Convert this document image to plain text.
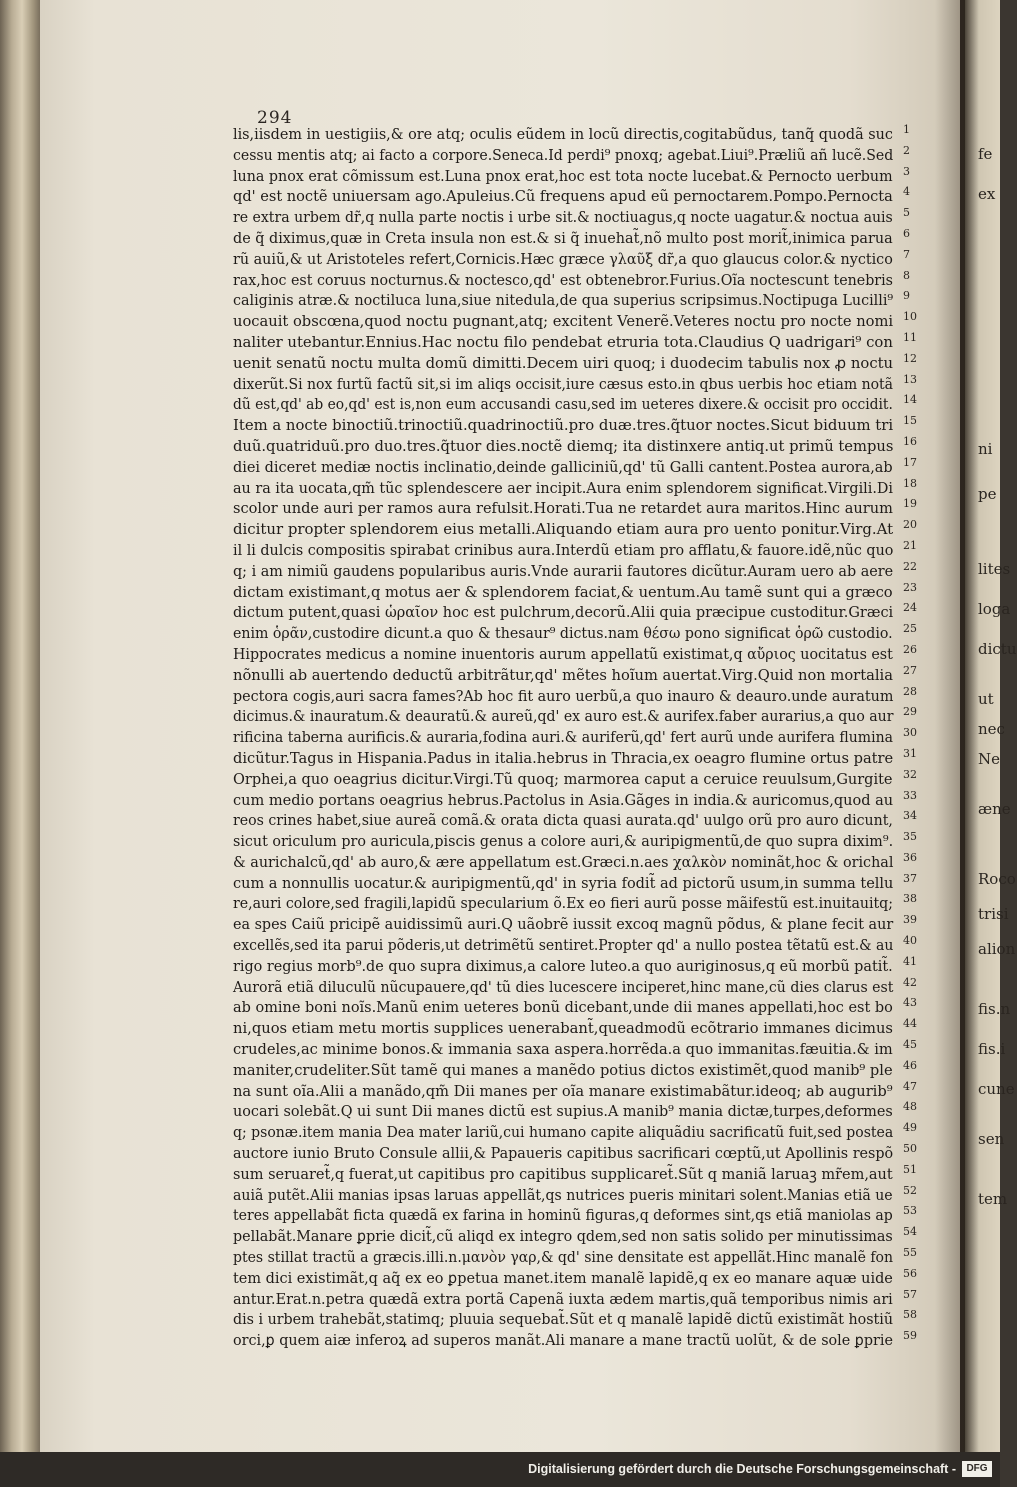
fe
ex
ni
pe
lites
loga
dictu
ut
nec
Ne
æne
Roco
trisi
alion
fis.n
fis.i
cune
sen
tem
294
lis,iisdem in uestigiis,& ore atq; oculis eũdem in locũ directis,cogitabũdus, tanq̃ quodã suc 1
cessu mentis atq; ai facto a corpore.Seneca.Id perdi⁹ pnoxq; agebat.Liui⁹.Præliũ añ lucẽ.Sed 2
luna pnox erat cõmissum est.Luna pnox erat,hoc est tota nocte lucebat.& Pernocto uerbum 3
qd' est noctẽ uniuersam ago.Apuleius.Cũ frequens apud eũ pernoctarem.Pompo.Pernocta 4
re extra urbem dr̃,q nulla parte noctis i urbe sit.& noctiuagus,q nocte uagatur.& noctua auis 5
de q̃ diximus,quæ in Creta insula non est.& si q̃ inuehat̃,nõ multo post morit̃,inimica parua 6
rũ auiũ,& ut Aristoteles refert,Cornicis.Hæc græce γλαῦξ dr̃,a quo glaucus color.& nycticο 7
rax,hoc est coruus nocturnus.& noctesco,qd' est obtenebror.Furius.Oĩa noctescunt tenebris 8
caliginis atræ.& noctiluca luna,siue nitedula,de qua superius scripsimus.Noctipuga Lucilli⁹ 9
uocauit obscœna,quod noctu pugnant,atq; excitent Venerẽ.Veteres noctu pro nocte nomi 10
naliter utebantur.Ennius.Hac noctu filo pendebat etruria tota.Claudius Q uadrigari⁹ con 11
uenit senatũ noctu multa domũ dimitti.Decem uiri quoq; i duodecim tabulis nox ꝓ noctu 12
dixerũt.Si nox furtũ factũ sit,si im aliqs occisit,iure cæsus esto.in qbus uerbis hoc etiam notã 13
dũ est,qd' ab eo,qd' est is,non eum accusandi casu,sed im ueteres dixere.& occisit pro occidit. 14
Item a nocte binoctiũ.trinoctiũ.quadrinoctiũ.pro duæ.tres.q̃tuor noctes.Sicut biduum tri 15
duũ.quatriduũ.pro duo.tres.q̃tuor dies.noctẽ diemq; ita distinxere antiq.ut primũ tempus 16
diei diceret mediæ noctis inclinatio,deinde galliciniũ,qd' tũ Galli cantent.Postea aurora,ab 17
au ra ita uocata,qm̃ tũc splendescere aer incipit.Aura enim splendorem significat.Virgili.Di 18
scolor unde auri per ramos aura refulsit.Horati.Tua ne retardet aura maritos.Hinc aurum 19
dicitur propter splendorem eius metalli.Aliquando etiam aura pro uento ponitur.Virg.At 20
il li dulcis compositis spirabat crinibus aura.Interdũ etiam pro afflatu,& fauore.idẽ,nũc quo 21
q; i am nimiũ gaudens popularibus auris.Vnde aurarii fautores dicũtur.Auram uero ab aere 22
dictam existimant,q motus aer & splendorem faciat,& uentum.Au tamẽ sunt qui a græco 23
dictum putent,quasi ὡραῖον hoc est pulchrum,decorũ.Alii quia præcipue custoditur.Græci 24
enim ὁρᾶν,custodire dicunt.a quo & thesaur⁹ dictus.nam θέσω pono significat ὁρῶ custodio. 25
Hippocrates medicus a nomine inuentoris aurum appellatũ existimat,q αὔριος uocitatus est 26
nõnulli ab auertendo deductũ arbitrãtur,qd' mẽtes hoĩum auertat.Virg.Quid non mortalia 27
pectora cogis,auri sacra fames?Ab hoc fit auro uerbũ,a quo inauro & deauro.unde auratum 28
dicimus.& inauratum.& deauratũ.& aureũ,qd' ex auro est.& aurifex.faber aurarius,a quo aur 29
rificina taberna aurificis.& auraria,fodina auri.& auriferũ,qd' fert aurũ unde aurifera flumina 30
dicũtur.Tagus in Hispania.Padus in italia.hebrus in Thracia,ex oeagro flumine ortus patre 31
Orphei,a quo oeagrius dicitur.Virgi.Tũ quoq; marmorea caput a ceruice reuulsum,Gurgite 32
cum medio portans oeagrius hebrus.Pactolus in Asia.Gãges in india.& auricomus,quod au 33
reos crines habet,siue aureã comã.& orata dicta quasi aurata.qd' uulgo orũ pro auro dicunt, 34
sicut oriculum pro auricula,piscis genus a colore auri,& auripigmentũ,de quo supra dixim⁹. 35
& aurichalcũ,qd' ab auro,& ære appellatum est.Græci.n.aes χαλκὸν nominãt,hoc & orichal 36
cum a nonnullis uocatur.& auripigmentũ,qd' in syria fodit̃ ad pictorũ usum,in summa tellu 37
re,auri colore,sed fragili,lapidũ specularium õ.Ex eo fieri aurũ posse mãifestũ est.inuitauitq; 38
ea spes Caiũ pricipẽ auidissimũ auri.Q uãobrẽ iussit excoq magnũ põdus, & plane fecit aur 39
excellẽs,sed ita parui põderis,ut detrimẽtũ sentiret.Propter qd' a nullo postea tẽtatũ est.& au 40
rigo regius morb⁹.de quo supra diximus,a calore luteo.a quo auriginosus,q eũ morbũ patit̃. 41
Aurorã etiã diluculũ nũcupauere,qd' tũ dies lucescere inciperet,hinc mane,cũ dies clarus est 42
ab omine boni noĩs.Manũ enim ueteres bonũ dicebant,unde dii manes appellati,hoc est bo 43
ni,quos etiam metu mortis supplices uenerabant̃,queadmodũ ecõtrario immanes dicimus 44
crudeles,ac minime bonos.& immania saxa aspera.horrẽda.a quo immanitas.fæuitia.& im 45
maniter,crudeliter.Sũt tamẽ qui manes a manẽdo potius dictos existimẽt,quod manib⁹ ple 46
na sunt oĩa.Alii a manãdo,qm̃ Dii manes per oĩa manare existimabãtur.ideoq; ab augurib⁹ 47
uocari solebãt.Q ui sunt Dii manes dictũ est supius.A manib⁹ mania dictæ,turpes,deformes 48
q; psonæ.item mania Dea mater lariũ,cui humano capite aliquãdiu sacrificatũ fuit,sed postea 49
auctore iunio Bruto Consule allii,& Papaueris capitibus sacrificari cœptũ,ut Apollinis respõ 50
sum seruaret̃,q fuerat,ut capitibus pro capitibus supplicaret̃.Sũt q maniã laruaꝫ mr̃em,aut 51
auiã putẽt.Alii manias ipsas laruas appellãt,qs nutrices pueris minitari solent.Manias etiã ue 52
teres appellabãt ficta quædã ex farina in hominũ figuras,q deformes sint,qs etiã maniolas ap 53
pellabãt.Manare ꝑprie dicit̃,cũ aliqd ex integro qdem,sed non satis solido per minutissimas 54
ptes stillat tractũ a græcis.illi.n.μανὸν γαρ,& qd' sine densitate est appellãt.Hinc manalẽ fon 55
tem dici existimãt,q aq̃ ex eo ꝑpetua manet.item manalẽ lapidẽ,q ex eo manare aquæ uide 56
antur.Erat.n.petra quædã extra portã Capenã iuxta ædem martis,quã temporibus nimis ari 57
dis i urbem trahebãt,statimq; pluuia sequebat̃.Sũt et q manalẽ lapidẽ dictũ existimãt hostiũ 58
orci,ꝑ quem aiæ inferoꝝ ad superos manãt.Ali manare a mane tractũ uolũt, & de sole ꝑprie 59
Digitalisierung gefördert durch die Deutsche Forschungsgemeinschaft -	DFG
